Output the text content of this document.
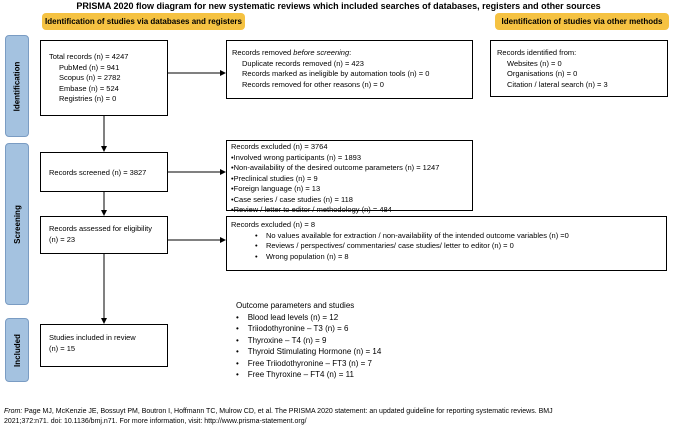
PRISMA 2020 flow diagram for new systematic reviews which included searches of databases, registers and other sources
Identification of studies via databases and registers	Identification of studies via other methods
Identification
Screening
Included
Total records (n) = 4247
PubMed (n) = 941
Scopus (n) = 2782
Embase (n) = 524
Registries (n) = 0
Records removed before screening:
Duplicate records removed (n) = 423
Records marked as ineligible by automation tools (n) = 0
Records removed for other reasons (n) = 0
Records identified from:
Websites (n) = 0
Organisations (n) = 0
Citation / lateral search (n) = 3
Records screened (n) = 3827
Records excluded (n) = 3764
•Involved wrong participants (n) = 1893
•Non-availability of the desired outcome parameters (n) = 1247
•Preclinical studies (n) = 9
•Foreign language (n) = 13
•Case series / case studies (n) = 118
•Review / letter to editor / methodology (n) = 484
Records assessed for eligibility
(n) = 23
Records excluded (n) = 8
•    No values available for extraction / non-availability of the intended outcome variables (n) =0
•    Reviews / perspectives/ commentaries/ case studies/ letter to editor (n) = 0
•    Wrong population (n) = 8
Studies included in review
(n) = 15
Outcome parameters and studies
•    Blood lead levels (n) = 12
•    Triiodothyronine – T3 (n) = 6
•    Thyroxine – T4 (n) = 9
•    Thyroid Stimulating Hormone (n) = 14
•    Free Triiodothyronine – FT3 (n) = 7
•    Free Thyroxine – FT4 (n) = 11
From: Page MJ, McKenzie JE, Bossuyt PM, Boutron I, Hoffmann TC, Mulrow CD, et al. The PRISMA 2020 statement: an updated guideline for reporting systematic reviews. BMJ
2021;372:n71. doi: 10.1136/bmj.n71. For more information, visit: http://www.prisma-statement.org/
